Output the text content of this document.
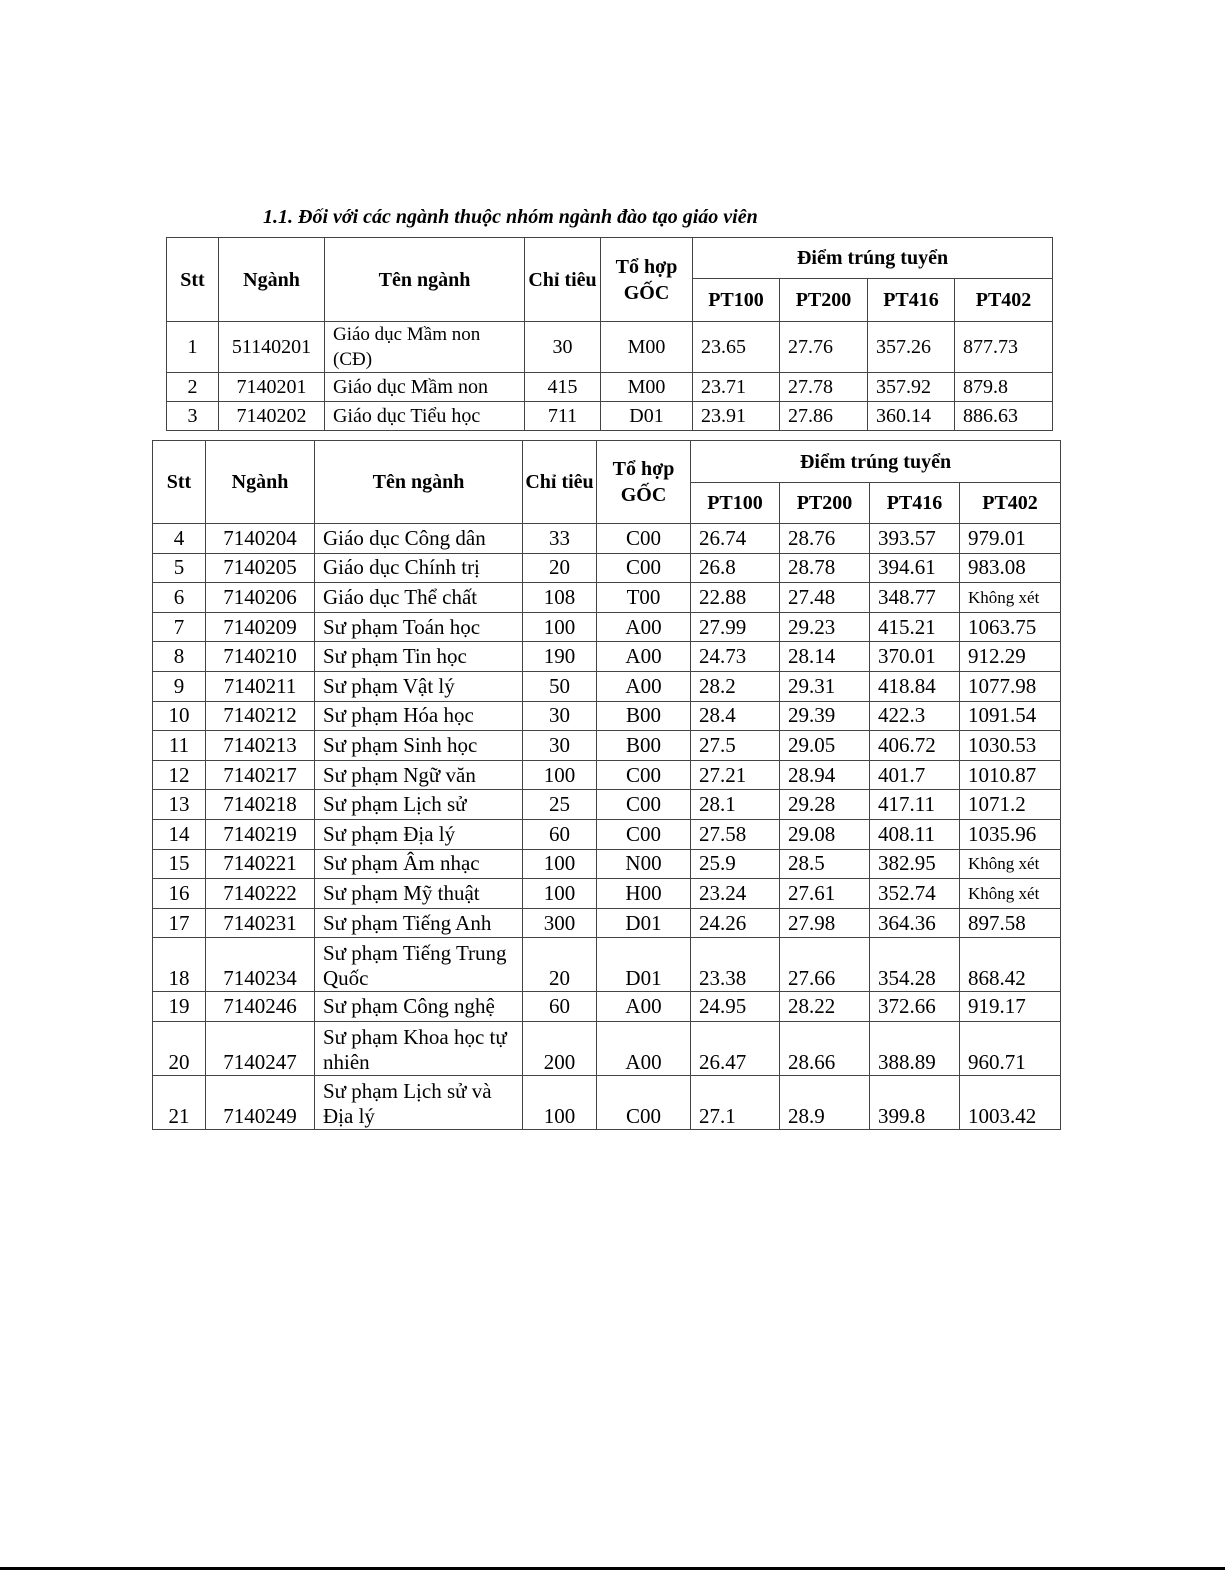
1.1. Đối với các ngành thuộc nhóm ngành đào tạo giáo viên
Stt	Ngành	Tên ngành	Chỉ tiêu	Tổ hợp GỐC	Điểm trúng tuyển			
					PT100	PT200	PT416	PT402
1	51140201	Giáo dục Mầm non (CĐ)	30	M00	23.65	27.76	357.26	877.73
2	7140201	Giáo dục Mầm non	415	M00	23.71	27.78	357.92	879.8
3	7140202	Giáo dục Tiểu học	711	D01	23.91	27.86	360.14	886.63
Stt	Ngành	Tên ngành	Chỉ tiêu	Tổ hợp GỐC	Điểm trúng tuyển			
					PT100	PT200	PT416	PT402
4	7140204	Giáo dục Công dân	33	C00	26.74	28.76	393.57	979.01
5	7140205	Giáo dục Chính trị	20	C00	26.8	28.78	394.61	983.08
6	7140206	Giáo dục Thể chất	108	T00	22.88	27.48	348.77	Không xét
7	7140209	Sư phạm Toán học	100	A00	27.99	29.23	415.21	1063.75
8	7140210	Sư phạm Tin học	190	A00	24.73	28.14	370.01	912.29
9	7140211	Sư phạm Vật lý	50	A00	28.2	29.31	418.84	1077.98
10	7140212	Sư phạm Hóa học	30	B00	28.4	29.39	422.3	1091.54
11	7140213	Sư phạm Sinh học	30	B00	27.5	29.05	406.72	1030.53
12	7140217	Sư phạm Ngữ văn	100	C00	27.21	28.94	401.7	1010.87
13	7140218	Sư phạm Lịch sử	25	C00	28.1	29.28	417.11	1071.2
14	7140219	Sư phạm Địa lý	60	C00	27.58	29.08	408.11	1035.96
15	7140221	Sư phạm Âm nhạc	100	N00	25.9	28.5	382.95	Không xét
16	7140222	Sư phạm Mỹ thuật	100	H00	23.24	27.61	352.74	Không xét
17	7140231	Sư phạm Tiếng Anh	300	D01	24.26	27.98	364.36	897.58
18	7140234	Sư phạm Tiếng Trung Quốc	20	D01	23.38	27.66	354.28	868.42
19	7140246	Sư phạm Công nghệ	60	A00	24.95	28.22	372.66	919.17
20	7140247	Sư phạm Khoa học tự nhiên	200	A00	26.47	28.66	388.89	960.71
21	7140249	Sư phạm Lịch sử và Địa lý	100	C00	27.1	28.9	399.8	1003.42
